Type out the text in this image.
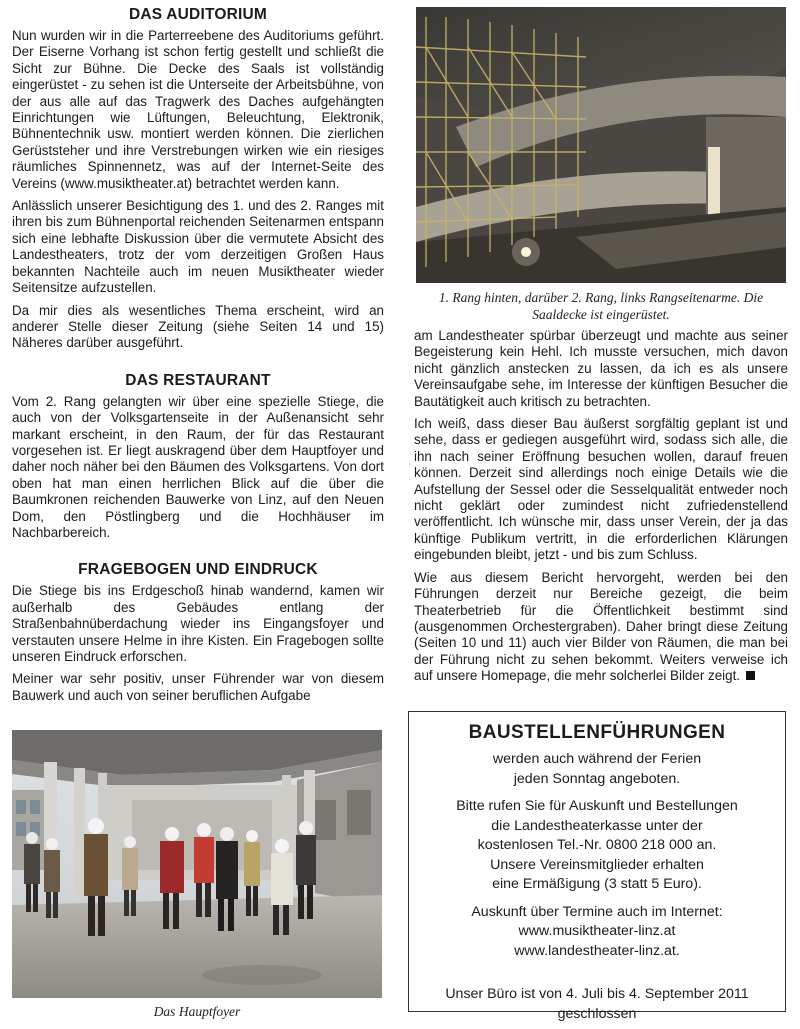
DAS AUDITORIUM

Nun wurden wir in die Parterreebene des Auditoriums geführt. Der Eiserne Vorhang ist schon fertig gestellt und schließt die Sicht zur Bühne. Die Decke des Saals ist vollständig eingerüstet - zu sehen ist die Unterseite der Arbeitsbühne, von der aus alle auf das Tragwerk des Daches aufgehängten Einrichtungen wie Lüftungen, Beleuchtung, Elektronik, Bühnentechnik usw. montiert werden können. Die zierlichen Gerüststeher und ihre Verstrebungen wirken wie ein riesiges räumliches Spinnennetz, was auf der Internet-Seite des Vereins (www.musiktheater.at) betrachtet werden kann.

Anlässlich unserer Besichtigung des 1. und des 2. Ranges mit ihren bis zum Bühnenportal reichenden Seitenarmen entspann sich eine lebhafte Diskussion über die vermutete Absicht des Landestheaters, trotz der vom derzeitigen Großen Haus bekannten Nachteile auch im neuen Musiktheater wieder Seitensitze aufzustellen.

Da mir dies als wesentliches Thema erscheint, wird an anderer Stelle dieser Zeitung (siehe Seiten 14 und 15) Näheres darüber ausgeführt.

DAS RESTAURANT

Vom 2. Rang gelangten wir über eine spezielle Stiege, die auch von der Volksgartenseite in der Außenansicht sehr markant erscheint, in den Raum, der für das Restaurant vorgesehen ist. Er liegt auskragend über dem Hauptfoyer und daher noch näher bei den Bäumen des Volksgartens. Von dort oben hat man einen herrlichen Blick auf die über die Baumkronen reichenden Bauwerke von Linz, auf den Neuen Dom, den Pöstlingberg und die Hochhäuser im Nachbarbereich.

FRAGEBOGEN UND EINDRUCK

Die Stiege bis ins Erdgeschoß hinab wandernd, kamen wir außerhalb des Gebäudes entlang der Straßenbahnüberdachung wieder ins Eingangsfoyer und verstauten unsere Helme in ihre Kisten. Ein Fragebogen sollte unseren Eindruck erforschen.

Meiner war sehr positiv, unser Führender war von diesem Bauwerk und auch von seiner beruflichen Aufgabe

Das Hauptfoyer
1. Rang hinten, darüber 2. Rang, links Rangseitenarme. Die Saaldecke ist eingerüstet.

am Landestheater spürbar überzeugt und machte aus seiner Begeisterung kein Hehl. Ich musste versuchen, mich davon nicht gänzlich anstecken zu lassen, da ich es als unsere Vereinsaufgabe sehe, im Interesse der künftigen Besucher die Bautätigkeit auch kritisch zu betrachten.

Ich weiß, dass dieser Bau äußerst sorgfältig geplant ist und sehe, dass er gediegen ausgeführt wird, sodass sich alle, die ihn nach seiner Eröffnung besuchen wollen, darauf freuen können. Derzeit sind allerdings noch einige Details wie die Aufstellung der Sessel oder die Sesselqualität entweder noch nicht geklärt oder zumindest nicht zufriedenstellend veröffentlicht. Ich wünsche mir, dass unser Verein, der ja das künftige Publikum vertritt, in die erforderlichen Klärungen eingebunden bleibt, jetzt - und bis zum Schluss.

Wie aus diesem Bericht hervorgeht, werden bei den Führungen derzeit nur Bereiche gezeigt, die beim Theaterbetrieb für die Öffentlichkeit bestimmt sind (ausgenommen Orchestergraben). Daher bringt diese Zeitung (Seiten 10 und 11) auch vier Bilder von Räumen, die man bei der Führung nicht zu sehen bekommt. Weiters verweise ich auf unsere Homepage, die mehr solcherlei Bilder zeigt.

BAUSTELLENFÜHRUNGEN
werden auch während der Ferien
jeden Sonntag angeboten.
Bitte rufen Sie für Auskunft und Bestellungen
die Landestheaterkasse unter der
kostenlosen Tel.-Nr. 0800 218 000 an.
Unsere Vereinsmitglieder erhalten
eine Ermäßigung (3 statt 5 Euro).
Auskunft über Termine auch im Internet:
www.musiktheater-linz.at
www.landestheater-linz.at.
Unser Büro ist von 4. Juli bis 4. September 2011
geschlossen
